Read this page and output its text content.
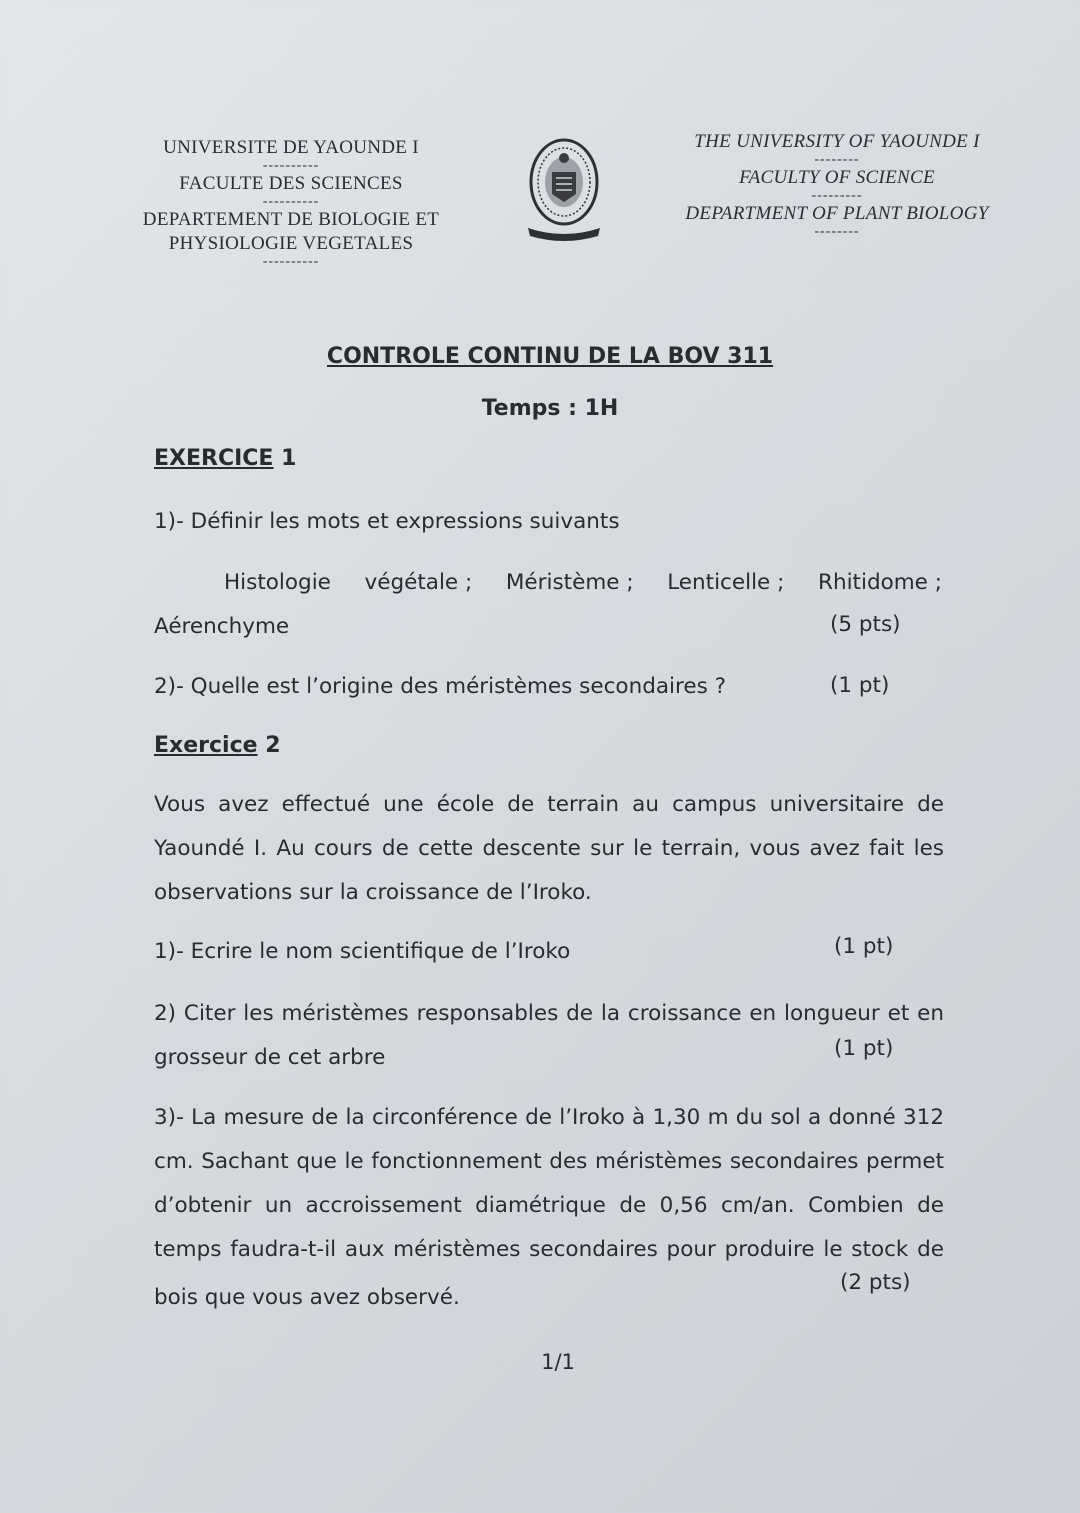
UNIVERSITE DE YAOUNDE I
----------
FACULTE DES SCIENCES
----------
DEPARTEMENT DE BIOLOGIE ET
PHYSIOLOGIE VEGETALES
----------
THE UNIVERSITY OF YAOUNDE I
--------
FACULTY OF SCIENCE
---------
DEPARTMENT OF PLANT BIOLOGY
--------
CONTROLE CONTINU DE LA BOV 311
Temps : 1H
EXERCICE 1
1)- Définir les mots et expressions suivants
Histologie végétale ; Méristème ; Lenticelle ; Rhitidome ;
Aérenchyme	(5 pts)
2)- Quelle est l’origine des méristèmes secondaires ?	(1 pt)
Exercice 2
Vous avez effectué une école de terrain au campus universitaire de
Yaoundé I. Au cours de cette descente sur le terrain, vous avez fait les
observations sur la croissance de l’Iroko.
1)- Ecrire le nom scientifique de l’Iroko	(1 pt)
2) Citer les méristèmes responsables de la croissance en longueur et en
grosseur de cet arbre	(1 pt)
3)- La mesure de la circonférence de l’Iroko à 1,30 m du sol a donné 312
cm. Sachant que le fonctionnement des méristèmes secondaires permet
d’obtenir un accroissement diamétrique de 0,56 cm/an. Combien de
temps faudra-t-il aux méristèmes secondaires pour produire le stock de
bois que vous avez observé.
(2 pts)
1/1
